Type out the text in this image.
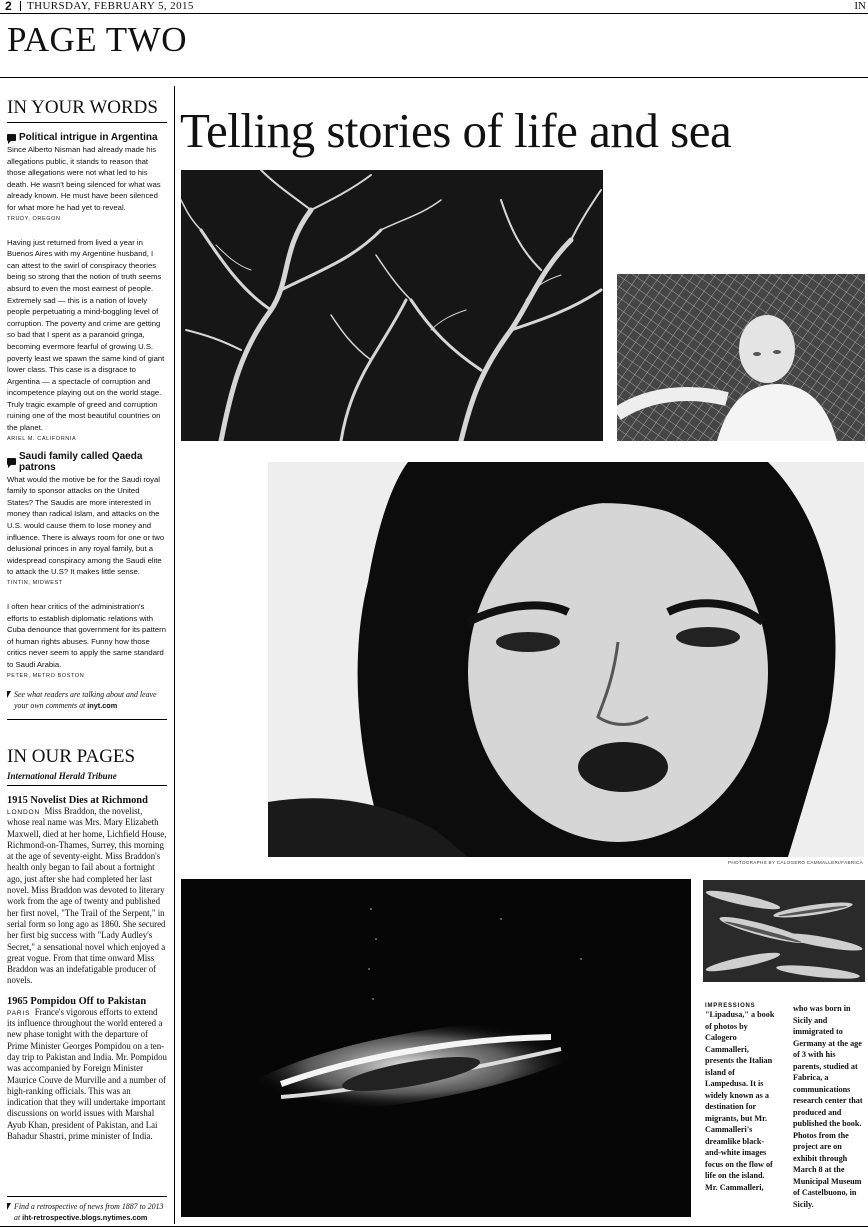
2 THURSDAY, FEBRUARY 5, 2015	IN
PAGE TWO
IN YOUR WORDS
Political intrigue in Argentina
Since Alberto Nisman had already made his allegations public, it stands to reason that those allegations were not what led to his death. He wasn't being silenced for what was already known. He must have been silenced for what more he had yet to reveal.
TRUDY, OREGON
Having just returned from lived a year in Buenos Aires with my Argentine husband, I can attest to the swirl of conspiracy theories being so strong that the notion of truth seems absurd to even the most earnest of people. Extremely sad — this is a nation of lovely people perpetuating a mind-boggling level of corruption. The poverty and crime are getting so bad that I spent as a paranoid gringa, becoming evermore fearful of growing U.S. poverty least we spawn the same kind of giant lower class. This case is a disgrace to Argentina — a spectacle of corruption and incompetence playing out on the world stage. Truly tragic example of greed and corruption ruining one of the most beautiful countries on the planet.
ARIEL M. CALIFORNIA
Saudi family called Qaeda patrons
What would the motive be for the Saudi royal family to sponsor attacks on the United States? The Saudis are more interested in money than radical Islam, and attacks on the U.S. would cause them to lose money and influence. There is always room for one or two delusional princes in any royal family, but a widespread conspiracy among the Saudi elite to attack the U.S? It makes little sense.
TINTIN, MIDWEST
I often hear critics of the administration's efforts to establish diplomatic relations with Cuba denounce that government for its pattern of human rights abuses. Funny how those critics never seem to apply the same standard to Saudi Arabia.
PETER, METRO BOSTON
See what readers are talking about and leave your own comments at inyt.com
IN OUR PAGES
International Herald Tribune
1915 Novelist Dies at Richmond
LONDON Miss Braddon, the novelist, whose real name was Mrs. Mary Elizabeth Maxwell, died at her home, Lichfield House, Richmond-on-Thames, Surrey, this morning at the age of seventy-eight. Miss Braddon's health only began to fail about a fortnight ago, just after she had completed her last novel. Miss Braddon was devoted to literary work from the age of twenty and published her first novel, "The Trail of the Serpent," in serial form so long ago as 1860. She secured her first big success with "Lady Audley's Secret," a sensational novel which enjoyed a great vogue. From that time onward Miss Braddon was an indefatigable producer of novels.
1965 Pompidou Off to Pakistan
PARIS France's vigorous efforts to extend its influence throughout the world entered a new phase tonight with the departure of Prime Minister Georges Pompidou on a ten-day trip to Pakistan and India. Mr. Pompidou was accompanied by Foreign Minister Maurice Couve de Murville and a number of high-ranking officials. This was an indication that they will undertake important discussions on world issues with Marshal Ayub Khan, president of Pakistan, and Lai Bahadur Shastri, prime minister of India.
Find a retrospective of news from 1887 to 2013 at iht-retrospective.blogs.nytimes.com
Telling stories of life and sea
PHOTOGRAPHS BY CALOGERO CAMMALLERI/FABRICA
IMPRESSIONS
"Lipadusa," a book of photos by Calogero Cammalleri, presents the Italian island of Lampedusa. It is widely known as a destination for migrants, but Mr. Cammalleri's dreamlike black-and-white images focus on the flow of life on the island. Mr. Cammalleri,
who was born in Sicily and immigrated to Germany at the age of 3 with his parents, studied at Fabrica, a communications research center that produced and published the book. Photos from the project are on exhibit through March 8 at the Municipal Museum of Castelbuono, in Sicily.
